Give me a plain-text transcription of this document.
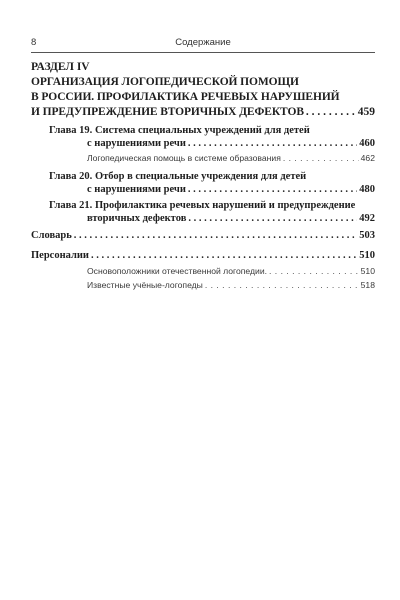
8	Содержание
РАЗДЕЛ IV
ОРГАНИЗАЦИЯ ЛОГОПЕДИЧЕСКОЙ ПОМОЩИ
В РОССИИ. ПРОФИЛАКТИКА РЕЧЕВЫХ НАРУШЕНИЙ
И ПРЕДУПРЕЖДЕНИЕ ВТОРИЧНЫХ ДЕФЕКТОВ . . .	459
Глава 19.
Система специальных учреждений для детей
с нарушениями речи . . .	460
Логопедическая помощь в системе образования . . .	462
Глава 20.
Отбор в специальные учреждения для детей
с нарушениями речи . . .	480
Глава 21.
Профилактика речевых нарушений и предупреждение
вторичных дефектов . . .	492
Словарь . . .	503
Персоналии . . .	510
Основоположники отечественной логопедии. . . .	510
Известные учёные-логопеды . . .	518
